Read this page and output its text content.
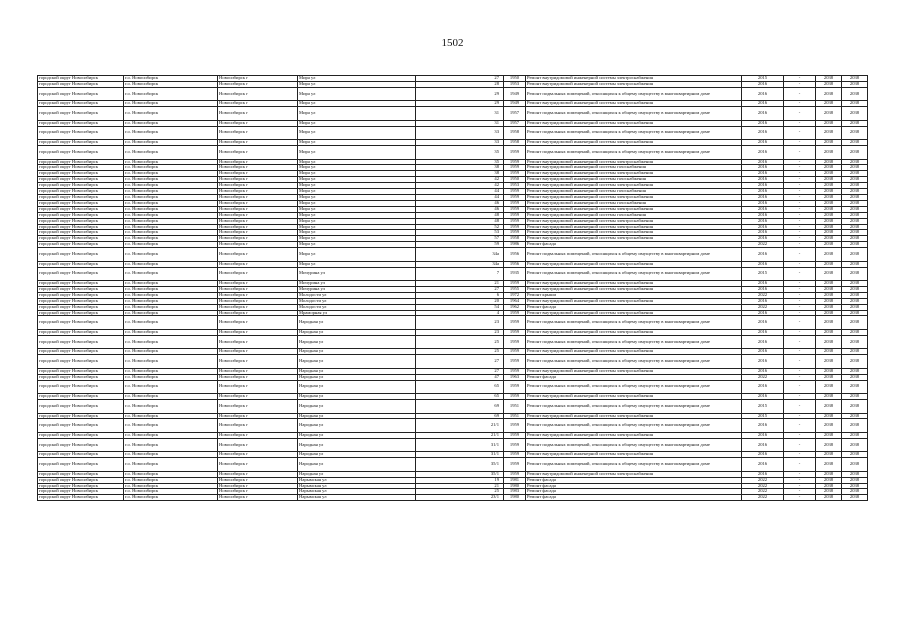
1502
городской округ Новосибирск	г.о. Новосибирск	Новосибирск г	Мира ул	27	1950	Ремонт внутридомовой инженерной системы электроснабжения	2015	-	2038	2038
городской округ Новосибирск	г.о. Новосибирск	Новосибирск г	Мира ул	28	1953	Ремонт внутридомовой инженерной системы электроснабжения	2016	-	2038	2038
городской округ Новосибирск	г.о. Новосибирск	Новосибирск г	Мира ул	29	1949	Ремонт подвальных помещений, относящихся к общему имуществу в многоквартирном доме	2016	-	2038	2038
городской округ Новосибирск	г.о. Новосибирск	Новосибирск г	Мира ул	29	1949	Ремонт внутридомовой инженерной системы электроснабжения	2016	-	2038	2038
городской округ Новосибирск	г.о. Новосибирск	Новосибирск г	Мира ул	31	1957	Ремонт подвальных помещений, относящихся к общему имуществу в многоквартирном доме	2016	-	2038	2038
городской округ Новосибирск	г.о. Новосибирск	Новосибирск г	Мира ул	31	1957	Ремонт внутридомовой инженерной системы электроснабжения	2016	-	2038	2038
городской округ Новосибирск	г.о. Новосибирск	Новосибирск г	Мира ул	33	1958	Ремонт подвальных помещений, относящихся к общему имуществу в многоквартирном доме	2016	-	2038	2038
городской округ Новосибирск	г.о. Новосибирск	Новосибирск г	Мира ул	33	1958	Ремонт внутридомовой инженерной системы электроснабжения	2016	-	2038	2038
городской округ Новосибирск	г.о. Новосибирск	Новосибирск г	Мира ул	35	1959	Ремонт подвальных помещений, относящихся к общему имуществу в многоквартирном доме	2016	-	2038	2038
городской округ Новосибирск	г.о. Новосибирск	Новосибирск г	Мира ул	35	1959	Ремонт внутридомовой инженерной системы электроснабжения	2016	-	2038	2038
городской округ Новосибирск	г.о. Новосибирск	Новосибирск г	Мира ул	38	1959	Ремонт внутридомовой инженерной системы газоснабжения	2016	-	2038	2038
городской округ Новосибирск	г.о. Новосибирск	Новосибирск г	Мира ул	38	1959	Ремонт внутридомовой инженерной системы электроснабжения	2016	-	2038	2038
городской округ Новосибирск	г.о. Новосибирск	Новосибирск г	Мира ул	42	1950	Ремонт внутридомовой инженерной системы газоснабжения	2016	-	2038	2038
городской округ Новосибирск	г.о. Новосибирск	Новосибирск г	Мира ул	42	1953	Ремонт внутридомовой инженерной системы электроснабжения	2016	-	2038	2038
городской округ Новосибирск	г.о. Новосибирск	Новосибирск г	Мира ул	44	1959	Ремонт внутридомовой инженерной системы газоснабжения	2016	-	2038	2038
городской округ Новосибирск	г.о. Новосибирск	Новосибирск г	Мира ул	44	1959	Ремонт внутридомовой инженерной системы электроснабжения	2016	-	2038	2038
городской округ Новосибирск	г.о. Новосибирск	Новосибирск г	Мира ул	46	1959	Ремонт внутридомовой инженерной системы газоснабжения	2016	-	2038	2038
городской округ Новосибирск	г.о. Новосибирск	Новосибирск г	Мира ул	46	1959	Ремонт внутридомовой инженерной системы электроснабжения	2016	-	2038	2038
городской округ Новосибирск	г.о. Новосибирск	Новосибирск г	Мира ул	48	1959	Ремонт внутридомовой инженерной системы газоснабжения	2016	-	2038	2038
городской округ Новосибирск	г.о. Новосибирск	Новосибирск г	Мира ул	48	1959	Ремонт внутридомовой инженерной системы электроснабжения	2016	-	2038	2038
городской округ Новосибирск	г.о. Новосибирск	Новосибирск г	Мира ул	52	1959	Ремонт внутридомовой инженерной системы электроснабжения	2016	-	2038	2038
городской округ Новосибирск	г.о. Новосибирск	Новосибирск г	Мира ул	53	1959	Ремонт внутридомовой инженерной системы электроснабжения	2016	-	2038	2038
городской округ Новосибирск	г.о. Новосибирск	Новосибирск г	Мира ул	57	1958	Ремонт внутридомовой инженерной системы электроснабжения	2016	-	2038	2038
городской округ Новосибирск	г.о. Новосибирск	Новосибирск г	Мира ул	59	1986	Ремонт фасада	2022	-	2038	2038
городской округ Новосибирск	г.о. Новосибирск	Новосибирск г	Мира ул	34а	1956	Ремонт подвальных помещений, относящихся к общему имуществу в многоквартирном доме	2016	-	2038	2038
городской округ Новосибирск	г.о. Новосибирск	Новосибирск г	Мира ул	34а	1956	Ремонт внутридомовой инженерной системы электроснабжения	2016	-	2038	2038
городской округ Новосибирск	г.о. Новосибирск	Новосибирск г	Мичурина ул	7	1935	Ремонт подвальных помещений, относящихся к общему имуществу в многоквартирном доме	2015	-	2038	2038
городской округ Новосибирск	г.о. Новосибирск	Новосибирск г	Мичурина ул	21	1959	Ремонт внутридомовой инженерной системы электроснабжения	2016	-	2038	2038
городской округ Новосибирск	г.о. Новосибирск	Новосибирск г	Мичурина ул	27	1955	Ремонт внутридомовой инженерной системы электроснабжения	2016	-	2038	2038
городской округ Новосибирск	г.о. Новосибирск	Новосибирск г	Молодости ул	6	1972	Ремонт крыши	2022	-	2038	2038
городской округ Новосибирск	г.о. Новосибирск	Новосибирск г	Молодости ул	20	1964	Ремонт внутридомовой инженерной системы электроснабжения	2016	-	2038	2038
городской округ Новосибирск	г.о. Новосибирск	Новосибирск г	Молодости ул	54	1962	Ремонт фасада	2022	-	2038	2038
городской округ Новосибирск	г.о. Новосибирск	Новосибирск г	Мраморная ул	4	1959	Ремонт внутридомовой инженерной системы электроснабжения	2016	-	2038	2038
городской округ Новосибирск	г.о. Новосибирск	Новосибирск г	Народная ул	23	1959	Ремонт подвальных помещений, относящихся к общему имуществу в многоквартирном доме	2016	-	2038	2038
городской округ Новосибирск	г.о. Новосибирск	Новосибирск г	Народная ул	23	1959	Ремонт внутридомовой инженерной системы электроснабжения	2016	-	2038	2038
городской округ Новосибирск	г.о. Новосибирск	Новосибирск г	Народная ул	25	1959	Ремонт подвальных помещений, относящихся к общему имуществу в многоквартирном доме	2016	-	2038	2038
городской округ Новосибирск	г.о. Новосибирск	Новосибирск г	Народная ул	25	1959	Ремонт внутридомовой инженерной системы электроснабжения	2016	-	2038	2038
городской округ Новосибирск	г.о. Новосибирск	Новосибирск г	Народная ул	27	1959	Ремонт подвальных помещений, относящихся к общему имуществу в многоквартирном доме	2016	-	2038	2038
городской округ Новосибирск	г.о. Новосибирск	Новосибирск г	Народная ул	27	1959	Ремонт внутридомовой инженерной системы электроснабжения	2016	-	2038	2038
городской округ Новосибирск	г.о. Новосибирск	Новосибирск г	Народная ул	47	1963	Ремонт фасада	2022	-	2038	2038
городской округ Новосибирск	г.о. Новосибирск	Новосибирск г	Народная ул	65	1959	Ремонт подвальных помещений, относящихся к общему имуществу в многоквартирном доме	2016	-	2038	2038
городской округ Новосибирск	г.о. Новосибирск	Новосибирск г	Народная ул	65	1959	Ремонт внутридомовой инженерной системы электроснабжения	2016	-	2038	2038
городской округ Новосибирск	г.о. Новосибирск	Новосибирск г	Народная ул	69	1951	Ремонт подвальных помещений, относящихся к общему имуществу в многоквартирном доме	2015	-	2038	2038
городской округ Новосибирск	г.о. Новосибирск	Новосибирск г	Народная ул	69	1951	Ремонт внутридомовой инженерной системы электроснабжения	2015	-	2038	2038
городской округ Новосибирск	г.о. Новосибирск	Новосибирск г	Народная ул	21/1	1959	Ремонт подвальных помещений, относящихся к общему имуществу в многоквартирном доме	2016	-	2038	2038
городской округ Новосибирск	г.о. Новосибирск	Новосибирск г	Народная ул	21/1	1959	Ремонт внутридомовой инженерной системы электроснабжения	2016	-	2038	2038
городской округ Новосибирск	г.о. Новосибирск	Новосибирск г	Народная ул	31/1	1959	Ремонт подвальных помещений, относящихся к общему имуществу в многоквартирном доме	2016	-	2038	2038
городской округ Новосибирск	г.о. Новосибирск	Новосибирск г	Народная ул	31/1	1959	Ремонт внутридомовой инженерной системы электроснабжения	2016	-	2038	2038
городской округ Новосибирск	г.о. Новосибирск	Новосибирск г	Народная ул	35/1	1959	Ремонт подвальных помещений, относящихся к общему имуществу в многоквартирном доме	2016	-	2038	2038
городской округ Новосибирск	г.о. Новосибирск	Новосибирск г	Народная ул	35/1	1959	Ремонт внутридомовой инженерной системы электроснабжения	2016	-	2038	2038
городской округ Новосибирск	г.о. Новосибирск	Новосибирск г	Нарымская ул	19	1981	Ремонт фасада	2022	-	2038	2038
городской округ Новосибирск	г.о. Новосибирск	Новосибирск г	Нарымская ул	21	1980	Ремонт фасада	2022	-	2038	2038
городской округ Новосибирск	г.о. Новосибирск	Новосибирск г	Нарымская ул	25	1983	Ремонт фасада	2022	-	2038	2038
городской округ Новосибирск	г.о. Новосибирск	Новосибирск г	Нарымская ул	23/1	1980	Ремонт фасада	2022	-	2038	2038
